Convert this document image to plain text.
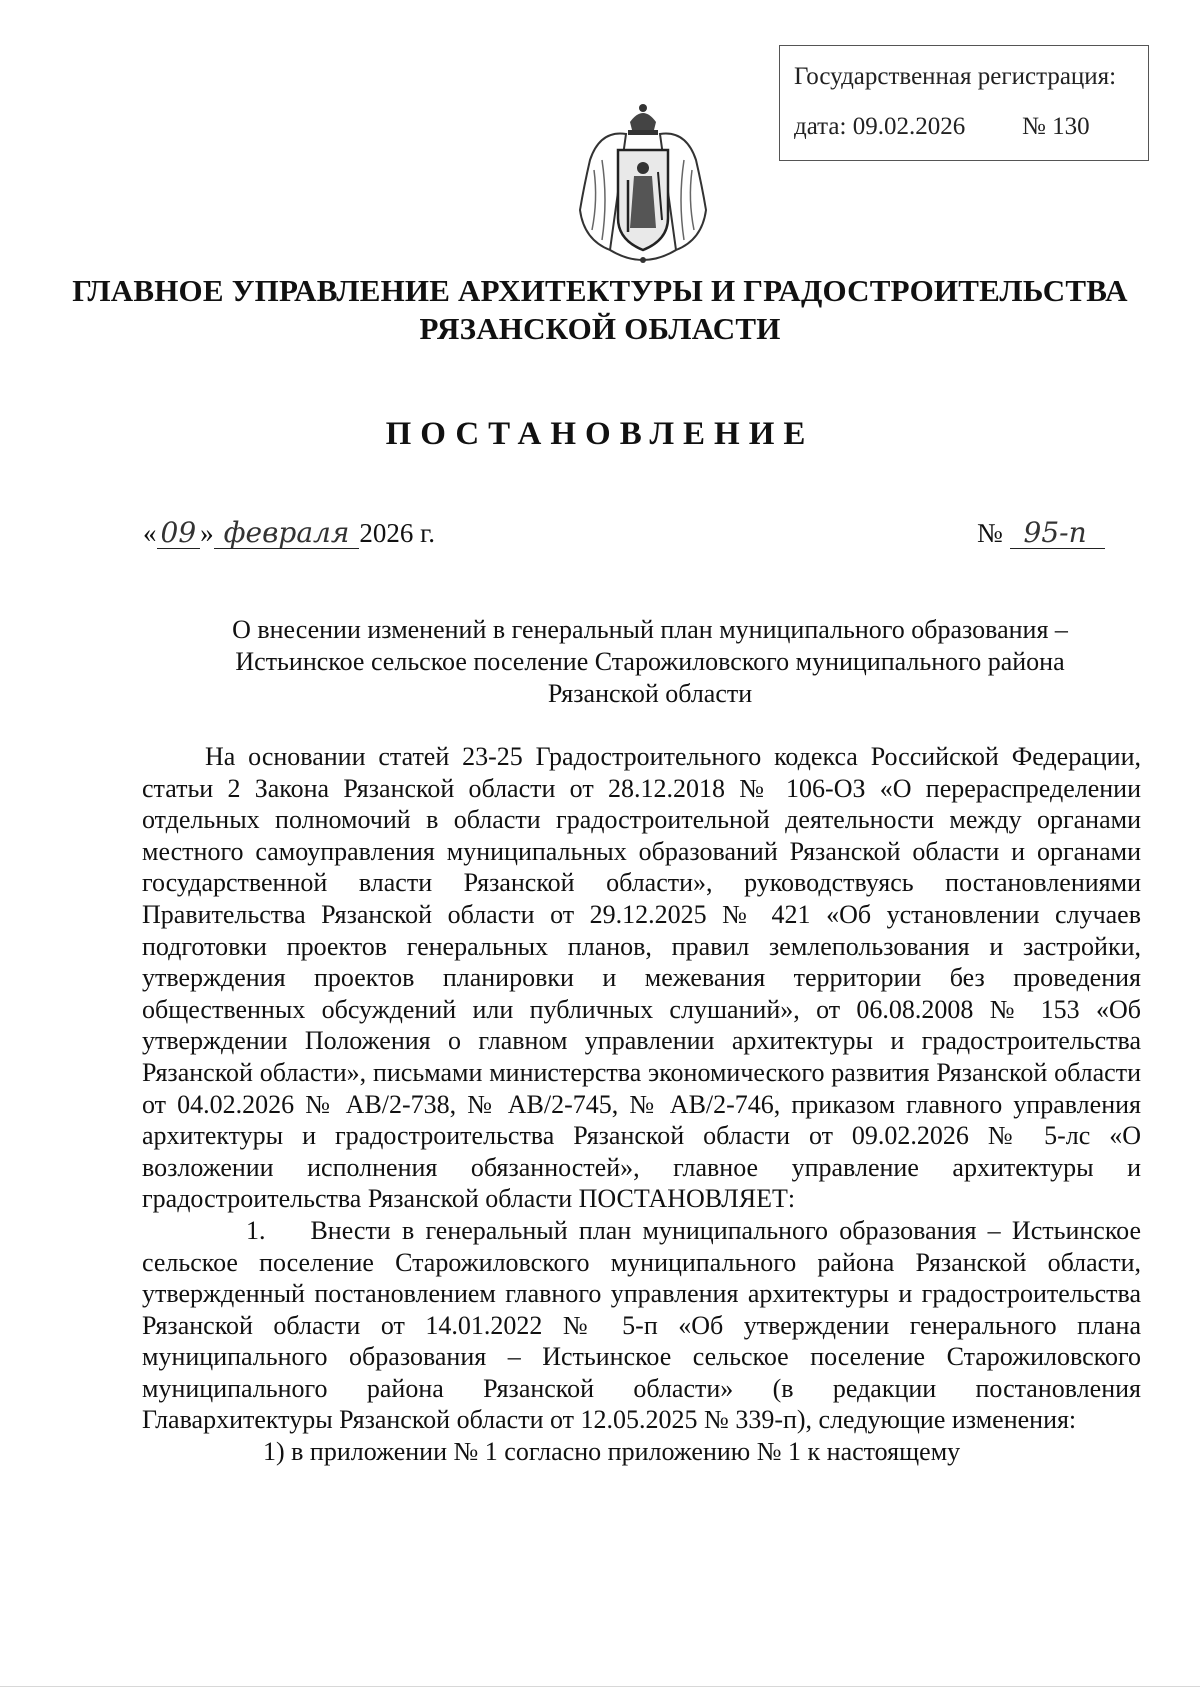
Государственная регистрация:
дата: 09.02.2026 № 130
ГЛАВНОЕ УПРАВЛЕНИЕ АРХИТЕКТУРЫ И ГРАДОСТРОИТЕЛЬСТВА
РЯЗАНСКОЙ ОБЛАСТИ
ПОСТАНОВЛЕНИЕ
« 09 » февраля 2026 г.	№ 95-п
О внесении изменений в генеральный план муниципального образования –
Истьинское сельское поселение Старожиловского муниципального района
Рязанской области

На основании статей 23-25 Градостроительного кодекса Российской Федерации, статьи 2 Закона Рязанской области от 28.12.2018 № 106-ОЗ «О перераспределении отдельных полномочий в области градостроительной деятельности между органами местного самоуправления муниципальных образований Рязанской области и органами государственной власти Рязанской области», руководствуясь постановлениями Правительства Рязанской области от 29.12.2025 № 421 «Об установлении случаев подготовки проектов генеральных планов, правил землепользования и застройки, утверждения проектов планировки и межевания территории без проведения общественных обсуждений или публичных слушаний», от 06.08.2008 № 153 «Об утверждении Положения о главном управлении архитектуры и градостроительства Рязанской области», письмами министерства экономического развития Рязанской области от 04.02.2026 № АВ/2-738, № АВ/2-745, № АВ/2-746, приказом главного управления архитектуры и градостроительства Рязанской области от 09.02.2026 № 5-лс «О возложении исполнения обязанностей», главное управление архитектуры и градостроительства Рязанской области ПОСТАНОВЛЯЕТ:

1.    Внести в генеральный план муниципального образования – Истьинское сельское поселение Старожиловского муниципального района Рязанской области, утвержденный постановлением главного управления архитектуры и градостроительства Рязанской области от 14.01.2022 № 5-п «Об утверждении генерального плана муниципального образования – Истьинское сельское поселение Старожиловского муниципального района Рязанской области» (в редакции постановления Главархитектуры Рязанской области от 12.05.2025 № 339-п), следующие изменения:

1) в приложении № 1 согласно приложению № 1 к настоящему
